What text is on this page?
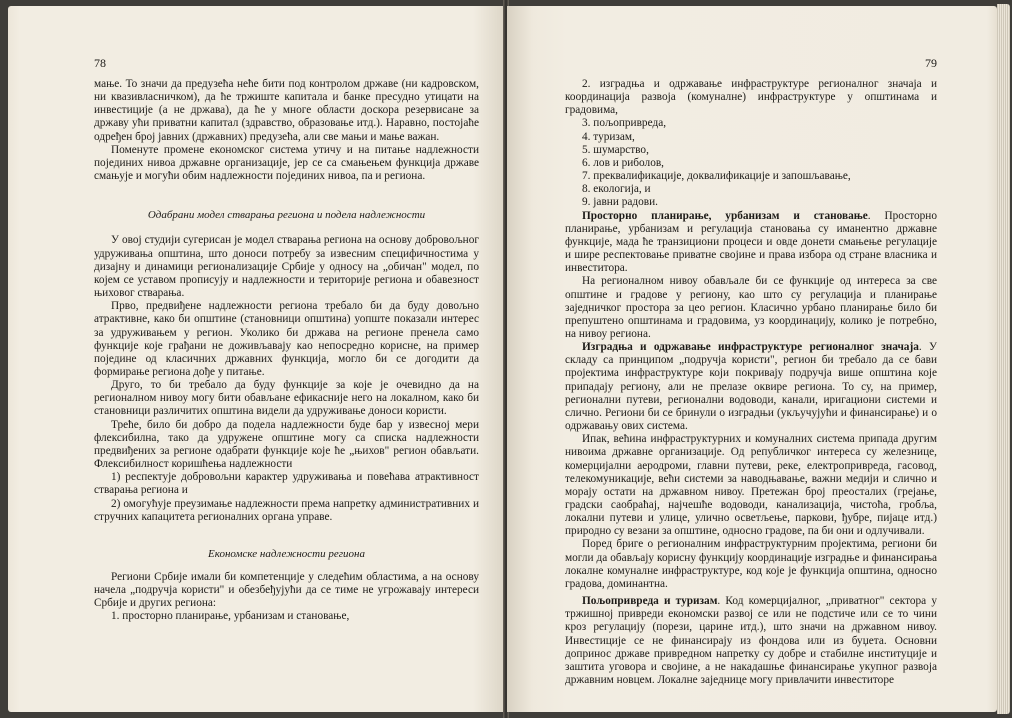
78

мање. То значи да предузећа неће бити под контролом државе (ни кадровском, ни квазивласничком), да ће тржиште капитала и банке пресудно утицати на инвестиције (а не држава), да ће у многе области доскора резервисане за државу ући приватни капитал (здравство, образовање итд.). Наравно, постојаће одређен број јавних (државних) предузећа, али све мањи и мање важан.

Поменуте промене економског система утичу и на питање надлежности појединих нивоа државне организације, јер се са смањењем функција државе смањује и могући обим надлежности појединих нивоа, па и региона.

Одабрани модел стварања региона и подела надлежности

У овој студији сугерисан је модел стварања региона на основу добровољног удруживања општина, што доноси потребу за извесним специфичностима у дизајну и динамици регионализације Србије у односу на „обичан" модел, по којем се уставом прописују и надлежности и територије региона и обавезност њиховог стварања.

Прво, предвиђене надлежности региона требало би да буду довољно атрактивне, како би општине (становници општина) уопште показали интерес за удруживањем у регион. Уколико би држава на регионе пренела само функције које грађани не доживљавају као непосредно корисне, на пример поједине од класичних државних функција, могло би се догодити да формирање региона дође у питање.

Друго, то би требало да буду функције за које је очевидно да на регионалном нивоу могу бити обављане ефикасније него на локалном, како би становници различитих општина видели да удруживање доноси користи.

Треће, било би добро да подела надлежности буде бар у извесној мери флексибилна, тако да удружене општине могу са списка надлежности предвиђених за регионе одабрати функције које ће „њихов" регион обављати. Флексибилност коришћења надлежности

1) респектује добровољни карактер удруживања и повећава атрактивност стварања региона и

2) омогућује преузимање надлежности према напретку административних и стручних капацитета регионалних органа управе.

Економске надлежности региона

Региони Србије имали би компетенције у следећим областима, а на основу начела „подручја користи" и обезбеђујући да се тиме не угрожавају интереси Србије и других региона:

1. просторно планирање, урбанизам и становање,

79

2. изградња и одржавање инфраструктуре регионалног значаја и координација развоја (комуналне) инфраструктуре у општинама и градовима,

3. пољопривреда,

4. туризам,

5. шумарство,

6. лов и риболов,

7. преквалификације, доквалификације и запошљавање,

8. екологија, и

9. јавни радови.

Просторно планирање, урбанизам и становање. Просторно планирање, урбанизам и регулација становања су иманентно државне функције, мада ће транзициони процеси и овде донети смањење регулације и шире респектовање приватне својине и права избора од стране власника и инвеститора.

На регионалном нивоу обављале би се функције од интереса за све општине и градове у региону, као што су регулација и планирање заједничког простора за цео регион. Класично урбано планирање било би препуштено општинама и градовима, уз координацију, колико је потребно, на нивоу региона.

Изградња и одржавање инфраструктуре регионалног значаја. У складу са принципом „подручја користи", регион би требало да се бави пројектима инфраструктуре који покривају подручја више општина које припадају региону, али не прелазе оквире региона. То су, на пример, регионални путеви, регионални водоводи, канали, иригациони системи и слично. Региони би се бринули о изградњи (укључујући и финансирање) и о одржавању ових система.

Ипак, већина инфраструктурних и комуналних система припада другим нивоима државне организације. Од републичког интереса су железнице, комерцијални аеродроми, главни путеви, реке, електропривреда, гасовод, телекомуникације, већи системи за наводњавање, важни медији и слично и морају остати на државном нивоу. Претежан број преосталих (грејање, градски саобраћај, најчешће водоводи, канализација, чистоћа, гробља, локални путеви и улице, улично осветљење, паркови, ђубре, пијаце итд.) природно су везани за општине, односно градове, па би они и одлучивали.

Поред бриге о регионалним инфраструктурним пројектима, региони би могли да обављају корисну функцију координације изградње и финансирања локалне комуналне инфраструктуре, код које је функција општина, односно градова, доминантна.

Пољопривреда и туризам. Код комерцијалног, „приватног" сектора у тржишној привреди економски развој се или не подстиче или се то чини кроз регулацију (порези, царине итд.), што значи на државном нивоу. Инвестиције се не финансирају из фондова или из буџета. Основни допринос државе привредном напретку су добре и стабилне институције и заштита уговора и својине, а не накадашње финансирање укупног развоја државним новцем. Локалне заједнице могу привлачити инвеститоре
